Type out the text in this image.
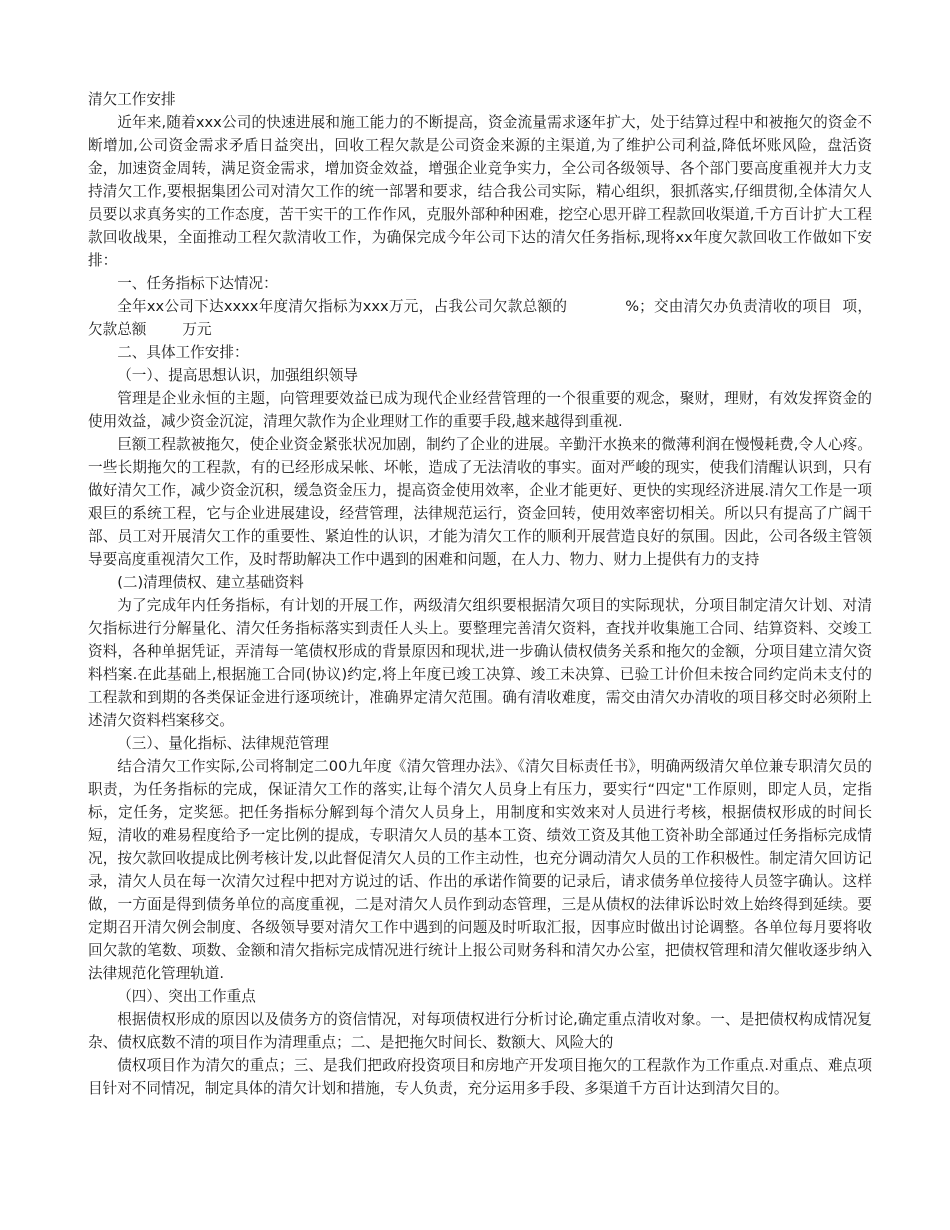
清欠工作安排

近年来,随着xxx公司的快速进展和施工能力的不断提高，资金流量需求逐年扩大，处于结算过程中和被拖欠的资金不断增加,公司资金需求矛盾日益突出，回收工程欠款是公司资金来源的主渠道,为了维护公司利益,降低坏账风险，盘活资金，加速资金周转，满足资金需求，增加资金效益，增强企业竞争实力，全公司各级领导、各个部门要高度重视并大力支持清欠工作,要根据集团公司对清欠工作的统一部署和要求，结合我公司实际，精心组织，狠抓落实,仔细贯彻,全体清欠人员要以求真务实的工作态度，苦干实干的工作作风，克服外部种种困难，挖空心思开辟工程款回收渠道,千方百计扩大工程款回收战果，全面推动工程欠款清收工作，为确保完成今年公司下达的清欠任务指标,现将xx年度欠款回收工作做如下安排：

一、任务指标下达情况：

全年xx公司下达xxxx年度清欠指标为xxx万元，占我公司欠款总额的	%；交由清欠办负责清收的项目 项，欠款总额 万元

二、具体工作安排：

（一）、提高思想认识，加强组织领导

管理是企业永恒的主题，向管理要效益已成为现代企业经营管理的一个很重要的观念，聚财，理财，有效发挥资金的使用效益，减少资金沉淀，清理欠款作为企业理财工作的重要手段,越来越得到重视.

巨额工程款被拖欠，使企业资金紧张状况加剧，制约了企业的进展。辛勤汗水换来的微薄利润在慢慢耗费,令人心疼。一些长期拖欠的工程款，有的已经形成呆帐、坏帐，造成了无法清收的事实。面对严峻的现实，使我们清醒认识到，只有做好清欠工作，减少资金沉积，缓急资金压力，提高资金使用效率，企业才能更好、更快的实现经济进展.清欠工作是一项艰巨的系统工程，它与企业进展建设，经营管理，法律规范运行，资金回转，使用效率密切相关。所以只有提高了广阔干部、员工对开展清欠工作的重要性、紧迫性的认识，才能为清欠工作的顺利开展营造良好的氛围。因此，公司各级主管领导要高度重视清欠工作，及时帮助解决工作中遇到的困难和问题，在人力、物力、财力上提供有力的支持

(二)清理债权、建立基础资料

为了完成年内任务指标，有计划的开展工作，两级清欠组织要根据清欠项目的实际现状，分项目制定清欠计划、对清欠指标进行分解量化、清欠任务指标落实到责任人头上。要整理完善清欠资料，查找并收集施工合同、结算资料、交竣工资料，各种单据凭证，弄清每一笔债权形成的背景原因和现状,进一步确认债权债务关系和拖欠的金额，分项目建立清欠资料档案.在此基础上,根据施工合同(协议)约定,将上年度已竣工决算、竣工未决算、已验工计价但未按合同约定尚未支付的工程款和到期的各类保证金进行逐项统计，准确界定清欠范围。确有清收难度，需交由清欠办清收的项目移交时必须附上述清欠资料档案移交。

（三）、量化指标、法律规范管理

结合清欠工作实际,公司将制定二00九年度《清欠管理办法》、《清欠目标责任书》，明确两级清欠单位兼专职清欠员的职责，为任务指标的完成，保证清欠工作的落实,让每个清欠人员身上有压力，要实行“四定"工作原则，即定人员，定指标，定任务，定奖惩。把任务指标分解到每个清欠人员身上，用制度和实效来对人员进行考核，根据债权形成的时间长短，清收的难易程度给予一定比例的提成，专职清欠人员的基本工资、绩效工资及其他工资补助全部通过任务指标完成情况，按欠款回收提成比例考核计发,以此督促清欠人员的工作主动性，也充分调动清欠人员的工作积极性。制定清欠回访记录，清欠人员在每一次清欠过程中把对方说过的话、作出的承诺作简要的记录后，请求债务单位接待人员签字确认。这样做，一方面是得到债务单位的高度重视，二是对清欠人员作到动态管理，三是从债权的法律诉讼时效上始终得到延续。要定期召开清欠例会制度、各级领导要对清欠工作中遇到的问题及时听取汇报，因事应时做出讨论调整。各单位每月要将收回欠款的笔数、项数、金额和清欠指标完成情况进行统计上报公司财务科和清欠办公室，把债权管理和清欠催收逐步纳入法律规范化管理轨道.

（四）、突出工作重点

根据债权形成的原因以及债务方的资信情况，对每项债权进行分析讨论,确定重点清收对象。一、是把债权构成情况复杂、债权底数不清的项目作为清理重点；二、是把拖欠时间长、数额大、风险大的

债权项目作为清欠的重点；三、是我们把政府投资项目和房地产开发项目拖欠的工程款作为工作重点.对重点、难点项目针对不同情况，制定具体的清欠计划和措施，专人负责，充分运用多手段、多渠道千方百计达到清欠目的。
